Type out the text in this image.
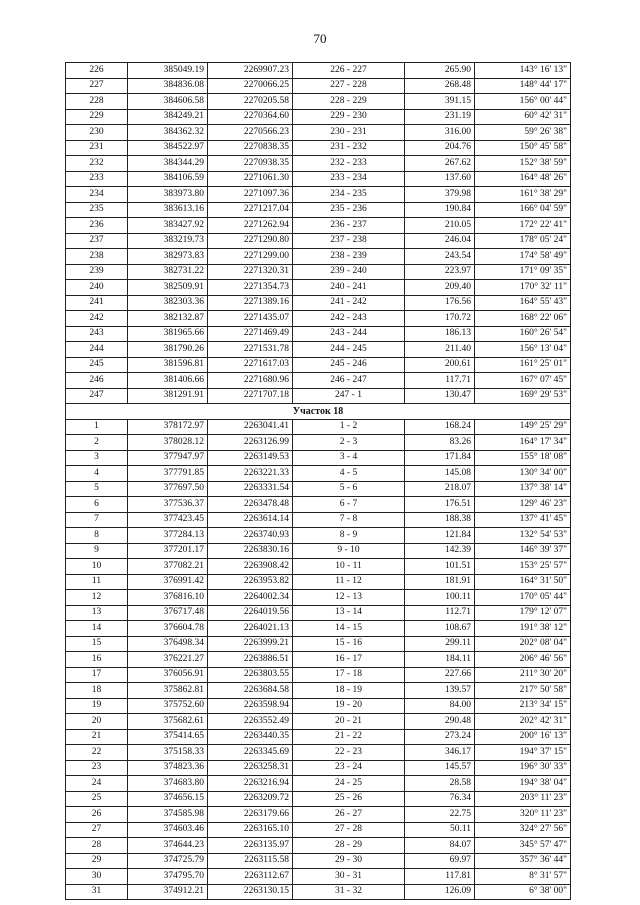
70
226	385049.19	2269907.23	226 - 227	265.90	143° 16' 13"
227	384836.08	2270066.25	227 - 228	268.48	148° 44' 17"
228	384606.58	2270205.58	228 - 229	391.15	156° 00' 44"
229	384249.21	2270364.60	229 - 230	231.19	60° 42' 31"
230	384362.32	2270566.23	230 - 231	316.00	59° 26' 38"
231	384522.97	2270838.35	231 - 232	204.76	150° 45' 58"
232	384344.29	2270938.35	232 - 233	267.62	152° 38' 59"
233	384106.59	2271061.30	233 - 234	137.60	164° 48' 26"
234	383973.80	2271097.36	234 - 235	379.98	161° 38' 29"
235	383613.16	2271217.04	235 - 236	190.84	166° 04' 59"
236	383427.92	2271262.94	236 - 237	210.05	172° 22' 41"
237	383219.73	2271290.80	237 - 238	246.04	178° 05' 24"
238	382973.83	2271299.00	238 - 239	243.54	174° 58' 49"
239	382731.22	2271320.31	239 - 240	223.97	171° 09' 35"
240	382509.91	2271354.73	240 - 241	209.40	170° 32' 11"
241	382303.36	2271389.16	241 - 242	176.56	164° 55' 43"
242	382132.87	2271435.07	242 - 243	170.72	168° 22' 06"
243	381965.66	2271469.49	243 - 244	186.13	160° 26' 54"
244	381790.26	2271531.78	244 - 245	211.40	156° 13' 04"
245	381596.81	2271617.03	245 - 246	200.61	161° 25' 01"
246	381406.66	2271680.96	246 - 247	117.71	167° 07' 45"
247	381291.91	2271707.18	247 - 1	130.47	169° 29' 53"
Участок 18					
1	378172.97	2263041.41	1 - 2	168.24	149° 25' 29"
2	378028.12	2263126.99	2 - 3	83.26	164° 17' 34"
3	377947.97	2263149.53	3 - 4	171.84	155° 18' 08"
4	377791.85	2263221.33	4 - 5	145.08	130° 34' 00"
5	377697.50	2263331.54	5 - 6	218.07	137° 38' 14"
6	377536.37	2263478.48	6 - 7	176.51	129° 46' 23"
7	377423.45	2263614.14	7 - 8	188.38	137° 41' 45"
8	377284.13	2263740.93	8 - 9	121.84	132° 54' 53"
9	377201.17	2263830.16	9 - 10	142.39	146° 39' 37"
10	377082.21	2263908.42	10 - 11	101.51	153° 25' 57"
11	376991.42	2263953.82	11 - 12	181.91	164° 31' 50"
12	376816.10	2264002.34	12 - 13	100.11	170° 05' 44"
13	376717.48	2264019.56	13 - 14	112.71	179° 12' 07"
14	376604.78	2264021.13	14 - 15	108.67	191° 38' 12"
15	376498.34	2263999.21	15 - 16	299.11	202° 08' 04"
16	376221.27	2263886.51	16 - 17	184.11	206° 46' 56"
17	376056.91	2263803.55	17 - 18	227.66	211° 30' 20"
18	375862.81	2263684.58	18 - 19	139.57	217° 50' 58"
19	375752.60	2263598.94	19 - 20	84.00	213° 34' 15"
20	375682.61	2263552.49	20 - 21	290.48	202° 42' 31"
21	375414.65	2263440.35	21 - 22	273.24	200° 16' 13"
22	375158.33	2263345.69	22 - 23	346.17	194° 37' 15"
23	374823.36	2263258.31	23 - 24	145.57	196° 30' 33"
24	374683.80	2263216.94	24 - 25	28.58	194° 38' 04"
25	374656.15	2263209.72	25 - 26	76.34	203° 11' 23"
26	374585.98	2263179.66	26 - 27	22.75	320° 11' 23"
27	374603.46	2263165.10	27 - 28	50.11	324° 27' 56"
28	374644.23	2263135.97	28 - 29	84.07	345° 57' 47"
29	374725.79	2263115.58	29 - 30	69.97	357° 36' 44"
30	374795.70	2263112.67	30 - 31	117.81	8° 31' 57"
31	374912.21	2263130.15	31 - 32	126.09	6° 38' 00"
